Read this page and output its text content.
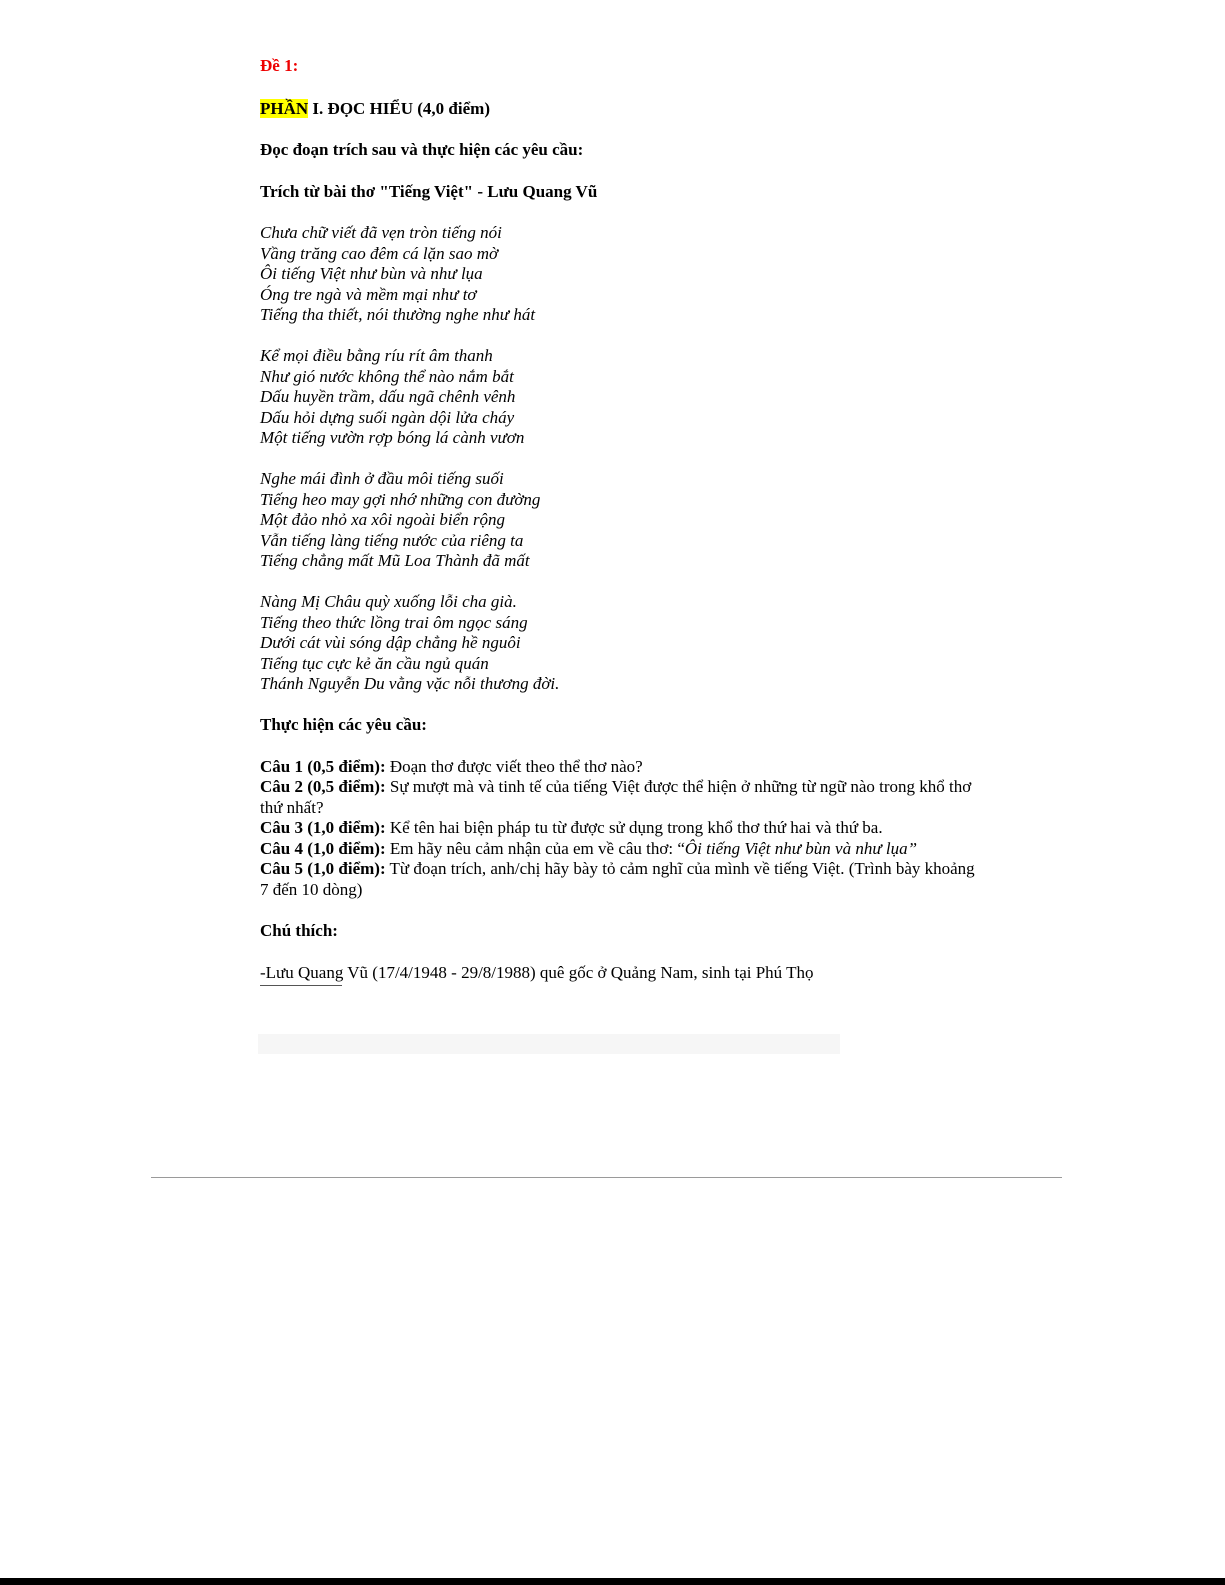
Đề 1:
PHẦN I. ĐỌC HIỂU (4,0 điểm)
Đọc đoạn trích sau và thực hiện các yêu cầu:
Trích từ bài thơ "Tiếng Việt" - Lưu Quang Vũ
Chưa chữ viết đã vẹn tròn tiếng nói
Vầng trăng cao đêm cá lặn sao mờ
Ôi tiếng Việt như bùn và như lụa
Óng tre ngà và mềm mại như tơ
Tiếng tha thiết, nói thường nghe như hát
Kể mọi điều bằng ríu rít âm thanh
Như gió nước không thể nào nắm bắt
Dấu huyền trầm, dấu ngã chênh vênh
Dấu hỏi dựng suối ngàn dội lửa cháy
Một tiếng vườn rợp bóng lá cành vươn
Nghe mái đình ở đầu môi tiếng suối
Tiếng heo may gợi nhớ những con đường
Một đảo nhỏ xa xôi ngoài biển rộng
Vẫn tiếng làng tiếng nước của riêng ta
Tiếng chẳng mất Mũ Loa Thành đã mất
Nàng Mị Châu quỳ xuống lỗi cha già.
Tiếng theo thức lồng trai ôm ngọc sáng
Dưới cát vùi sóng dập chẳng hề nguôi
Tiếng tục cực kẻ ăn cầu ngủ quán
Thánh Nguyễn Du vằng vặc nỗi thương đời.
Thực hiện các yêu cầu:
Câu 1 (0,5 điểm): Đoạn thơ được viết theo thể thơ nào?
Câu 2 (0,5 điểm): Sự mượt mà và tinh tế của tiếng Việt được thể hiện ở những từ ngữ nào trong khổ thơ thứ nhất?
Câu 3 (1,0 điểm): Kể tên hai biện pháp tu từ được sử dụng trong khổ thơ thứ hai và thứ ba.
Câu 4 (1,0 điểm): Em hãy nêu cảm nhận của em về câu thơ: “Ôi tiếng Việt như bùn và như lụa”
Câu 5 (1,0 điểm): Từ đoạn trích, anh/chị hãy bày tỏ cảm nghĩ của mình về tiếng Việt. (Trình bày khoảng 7 đến 10 dòng)
Chú thích:
-Lưu Quang Vũ (17/4/1948 - 29/8/1988) quê gốc ở Quảng Nam, sinh tại Phú Thọ
